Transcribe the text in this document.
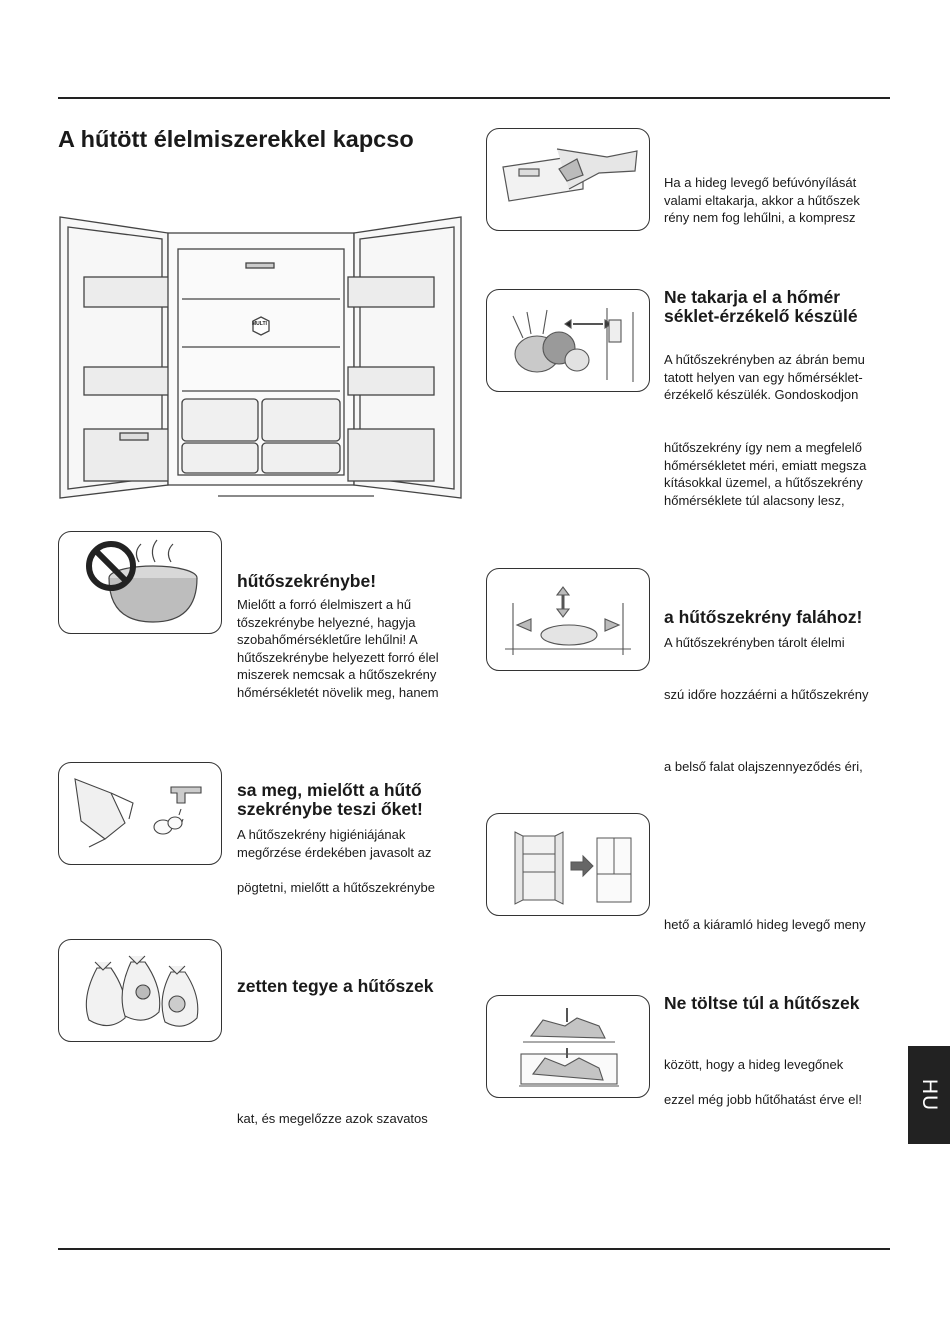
A hűtött élelmiszerekkel kapcso
MULTI

Ha a hideg levegő befúvónyílását
valami eltakarja, akkor a hűtőszek
rény nem fog lehűlni, a kompresz

Ne takarja el a hőmér
séklet-érzékelő készülé

A hűtőszekrényben az ábrán bemu
tatott helyen van egy hőmérséklet-
érzékelő készülék. Gondoskodjon

hűtőszekrény így nem a megfelelő
hőmérsékletet méri, emiatt megsza
kításokkal üzemel, a hűtőszekrény
hőmérséklete túl alacsony lesz,

hűtőszekrénybe!

Mielőtt a forró élelmiszert a hű
tőszekrénybe helyezné, hagyja
szobahőmérsékletűre lehűlni! A
hűtőszekrénybe helyezett forró élel
miszerek nemcsak a hűtőszekrény
hőmérsékletét növelik meg, hanem

a hűtőszekrény falához!

A hűtőszekrényben tárolt élelmi

szú időre hozzáérni a hűtőszekrény

a belső falat olajszennyeződés éri,

sa meg, mielőtt a hűtő
szekrénybe teszi őket!

A hűtőszekrény higiéniájának
megőrzése érdekében javasolt az

pögtetni, mielőtt a hűtőszekrénybe

hető a kiáramló hideg levegő meny

zetten tegye a hűtőszek

kat, és megelőzze azok szavatos

Ne töltse túl a hűtőszek

között, hogy a hideg levegőnek

ezzel még jobb hűtőhatást érve el!	HU
